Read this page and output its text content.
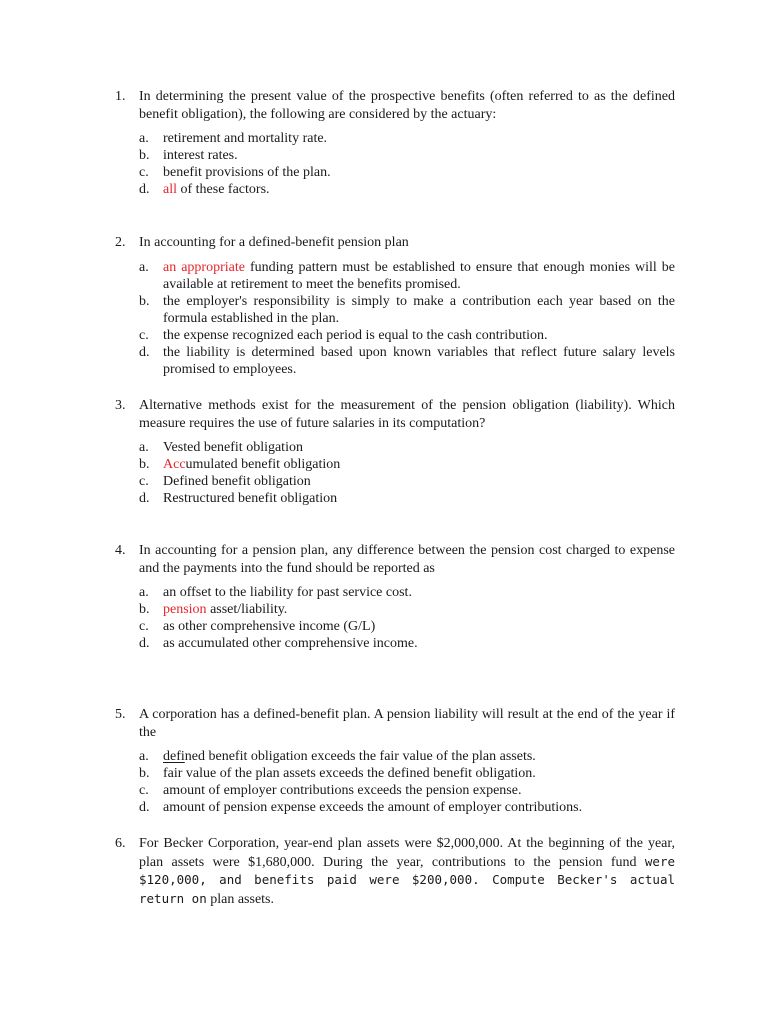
1. In determining the present value of the prospective benefits (often referred to as the defined benefit obligation), the following are considered by the actuary:
a. retirement and mortality rate.
b. interest rates.
c. benefit provisions of the plan.
d. all of these factors.
2. In accounting for a defined-benefit pension plan
a. an appropriate funding pattern must be established to ensure that enough monies will be available at retirement to meet the benefits promised.
b. the employer's responsibility is simply to make a contribution each year based on the formula established in the plan.
c. the expense recognized each period is equal to the cash contribution.
d. the liability is determined based upon known variables that reflect future salary levels promised to employees.
3. Alternative methods exist for the measurement of the pension obligation (liability). Which measure requires the use of future salaries in its computation?
a. Vested benefit obligation
b. Accumulated benefit obligation
c. Defined benefit obligation
d. Restructured benefit obligation
4. In accounting for a pension plan, any difference between the pension cost charged to expense and the payments into the fund should be reported as
a. an offset to the liability for past service cost.
b. pension asset/liability.
c. as other comprehensive income (G/L)
d. as accumulated other comprehensive income.
5. A corporation has a defined-benefit plan. A pension liability will result at the end of the year if the
a. defined benefit obligation exceeds the fair value of the plan assets.
b. fair value of the plan assets exceeds the defined benefit obligation.
c. amount of employer contributions exceeds the pension expense.
d. amount of pension expense exceeds the amount of employer contributions.
6. For Becker Corporation, year-end plan assets were $2,000,000. At the beginning of the year, plan assets were $1,680,000. During the year, contributions to the pension fund were $120,000, and benefits paid were $200,000. Compute Becker's actual return on plan assets.
